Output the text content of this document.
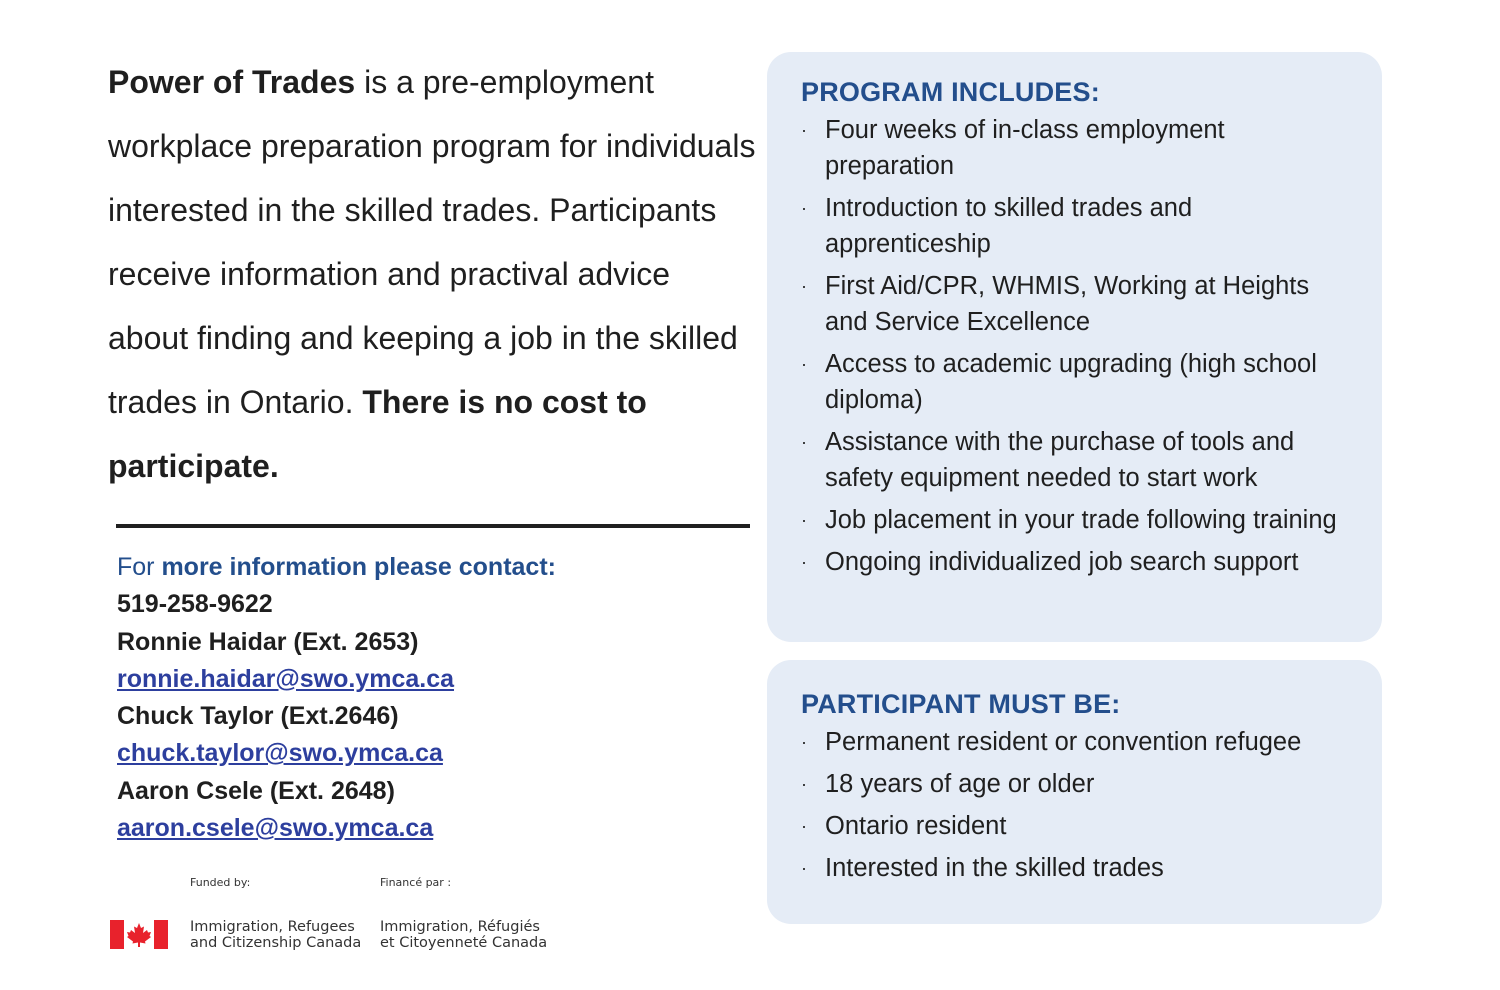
Power of Trades is a pre-employment workplace preparation program for individuals interested in the skilled trades. Participants receive information and practival advice about finding and keeping a job in the skilled trades in Ontario. There is no cost to participate.
For more information please contact:
519-258-9622
Ronnie Haidar (Ext. 2653)
ronnie.haidar@swo.ymca.ca
Chuck Taylor (Ext.2646)
chuck.taylor@swo.ymca.ca
Aaron Csele (Ext. 2648)
aaron.csele@swo.ymca.ca
Funded by:	Financé par :
Immigration, Refugees
and Citizenship Canada
Immigration, Réfugiés
et Citoyenneté Canada
PROGRAM INCLUDES:
· Four weeks of in-class employment preparation
· Introduction to skilled trades and apprenticeship
· First Aid/CPR, WHMIS, Working at Heights and Service Excellence
· Access to academic upgrading (high school diploma)
· Assistance with the purchase of tools and safety equipment needed to start work
· Job placement in your trade following training
· Ongoing individualized job search support
PARTICIPANT MUST BE:
· Permanent resident or convention refugee
· 18 years of age or older
· Ontario resident
· Interested in the skilled trades
